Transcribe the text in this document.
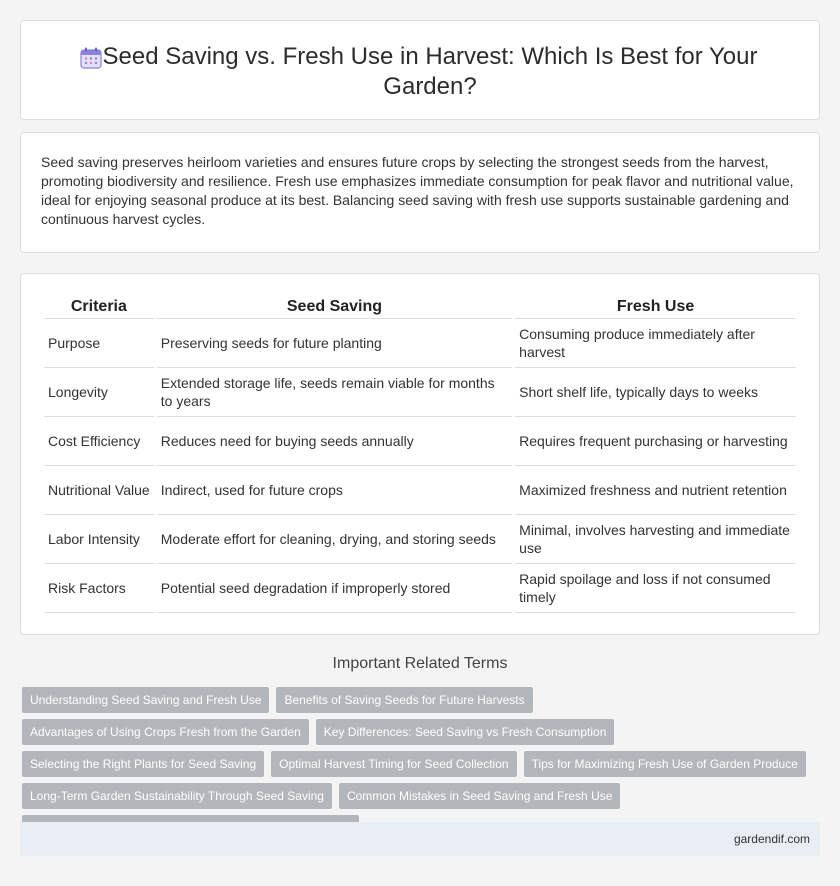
Seed Saving vs. Fresh Use in Harvest: Which Is Best for Your Garden?

Seed saving preserves heirloom varieties and ensures future crops by selecting the strongest seeds from the harvest, promoting biodiversity and resilience. Fresh use emphasizes immediate consumption for peak flavor and nutritional value, ideal for enjoying seasonal produce at its best. Balancing seed saving with fresh use supports sustainable gardening and continuous harvest cycles.

Criteria	Seed Saving	Fresh Use
Purpose	Preserving seeds for future planting	Consuming produce immediately after harvest
Longevity	Extended storage life, seeds remain viable for months to years	Short shelf life, typically days to weeks
Cost Efficiency	Reduces need for buying seeds annually	Requires frequent purchasing or harvesting
Nutritional Value	Indirect, used for future crops	Maximized freshness and nutrient retention
Labor Intensity	Moderate effort for cleaning, drying, and storing seeds	Minimal, involves harvesting and immediate use
Risk Factors	Potential seed degradation if improperly stored	Rapid spoilage and loss if not consumed timely
Important Related Terms
Understanding Seed Saving and Fresh Use	Benefits of Saving Seeds for Future Harvests
Advantages of Using Crops Fresh from the Garden	Key Differences: Seed Saving vs Fresh Consumption
Selecting the Right Plants for Seed Saving	Optimal Harvest Timing for Seed Collection	Tips for Maximizing Fresh Use of Garden Produce
Long-Term Garden Sustainability Through Seed Saving	Common Mistakes in Seed Saving and Fresh Use
gardendif.com
